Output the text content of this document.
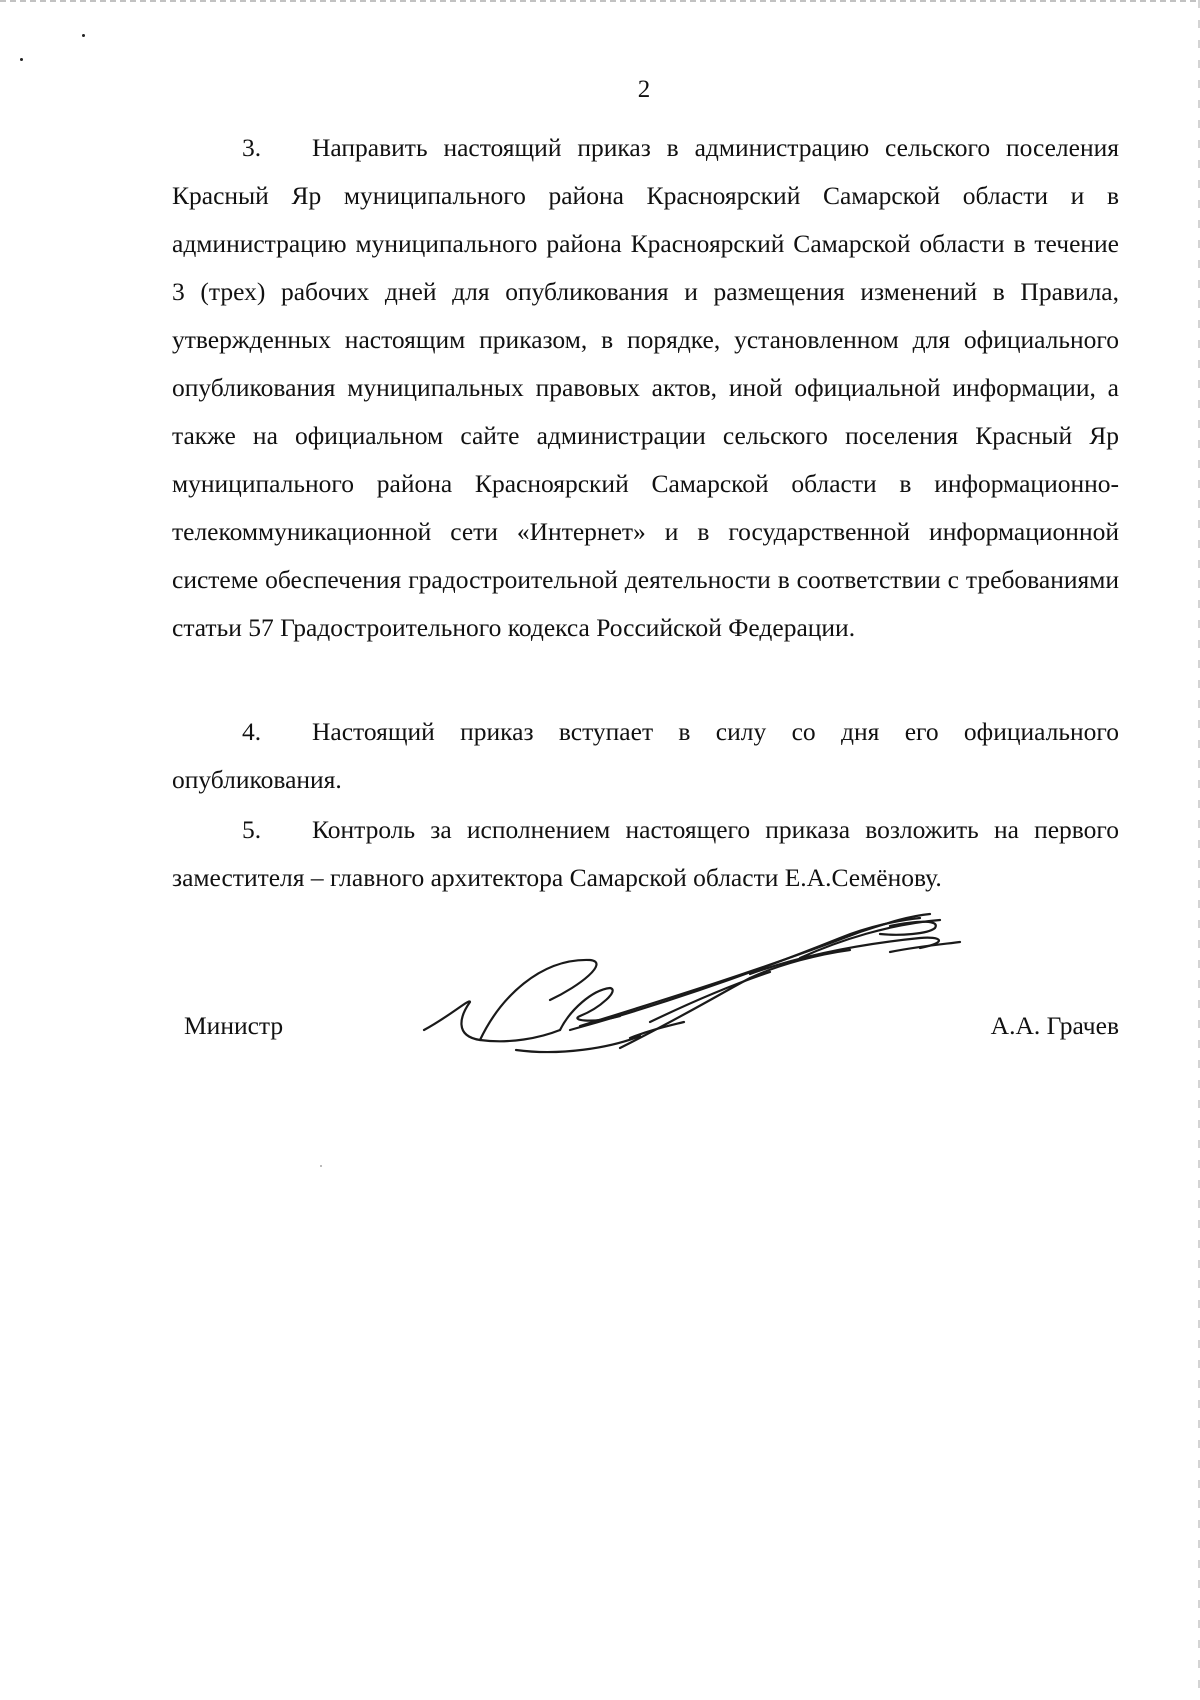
2
3. Направить настоящий приказ в администрацию сельского поселения Красный Яр муниципального района Красноярский Самарской области и в администрацию муниципального района Красноярский Самарской области в течение 3 (трех) рабочих дней для опубликования и размещения изменений в Правила, утвержденных настоящим приказом, в порядке, установленном для официального опубликования муниципальных правовых актов, иной официальной информации, а также на официальном сайте администрации сельского поселения Красный Яр муниципального района Красноярский Самарской области в информационно-телекоммуникационной сети «Интернет» и в государственной информационной системе обеспечения градостроительной деятельности в соответствии с требованиями статьи 57 Градостроительного кодекса Российской Федерации.
4. Настоящий приказ вступает в силу со дня его официального опубликования.
5. Контроль за исполнением настоящего приказа возложить на первого заместителя – главного архитектора Самарской области Е.А.Семёнову.
Министр	А.А. Грачев
